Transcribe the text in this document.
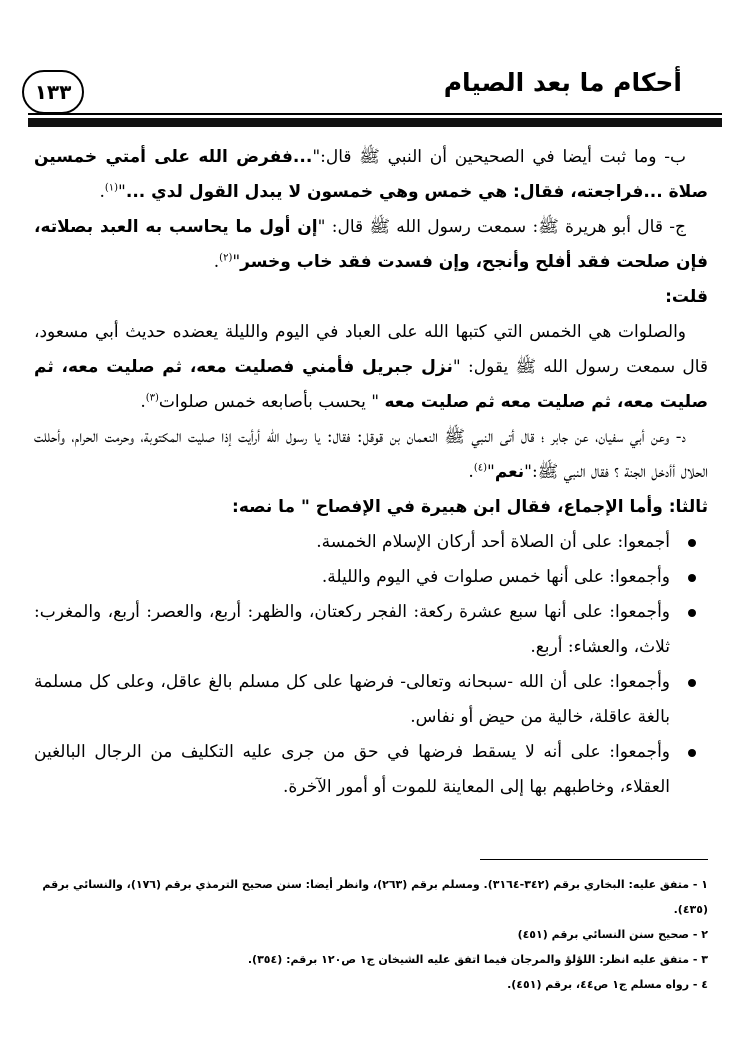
أحكام ما بعد الصيام
١٣٣

ب- وما ثبت أيضا في الصحيحين أن النبي ﷺ قال:"...ففرض الله على أمتي خمسين صلاة ...فراجعته، فقال: هي خمس وهي خمسون لا يبدل القول لدي ..."$^{(١)}$.

ج- قال أبو هريرة ﷺ: سمعت رسول الله ﷺ قال: "إن أول ما يحاسب به العبد بصلاته، فإن صلحت فقد أفلح وأنجح، وإن فسدت فقد خاب وخسر"$^{(٢)}$.

قلت:

والصلوات هي الخمس التي كتبها الله على العباد في اليوم والليلة يعضده حديث أبي مسعود، قال سمعت رسول الله ﷺ يقول: "نزل جبريل فأمني فصليت معه، ثم صليت معه، ثم صليت معه، ثم صليت معه ثم صليت معه " يحسب بأصابعه خمس صلوات$^{(٣)}$.

د- وعن أبي سفيان، عن جابر ؛ قال أتى النبي ﷺ النعمان بن قوقل: فقال: يا رسول الله أرأيت إذا صليت المكتوبة، وحرمت الحرام، وأحللت الحلال أأدخل الجنة ؟ فقال النبي ﷺ:"نعم"$^{(٤)}$.

ثالثا: وأما الإجماع، فقال ابن هبيرة في الإفصاح " ما نصه:

أجمعوا: على أن الصلاة أحد أركان الإسلام الخمسة.
وأجمعوا: على أنها خمس صلوات في اليوم والليلة.
وأجمعوا: على أنها سبع عشرة ركعة: الفجر ركعتان، والظهر: أربع، والعصر: أربع، والمغرب: ثلاث، والعشاء: أربع.
وأجمعوا: على أن الله -سبحانه وتعالى- فرضها على كل مسلم بالغ عاقل، وعلى كل مسلمة بالغة عاقلة، خالية من حيض أو نفاس.
وأجمعوا: على أنه لا يسقط فرضها في حق من جرى عليه التكليف من الرجال البالغين العقلاء، وخاطبهم بها إلى المعاينة للموت أو أمور الآخرة.

١ - متفق عليه: البخاري برقم (٣٤٢-٣١٦٤). ومسلم برقم (٢٦٣)، وانظر أيضا: سنن صحيح الترمذي برقم (١٧٦)، والنسائي برقم (٤٣٥).

٢ - صحيح سنن النسائي برقم (٤٥١)

٣ - متفق عليه انظر: اللؤلؤ والمرجان فيما اتفق عليه الشيخان ج١ ص١٢٠ برقم: (٣٥٤).

٤ - رواه مسلم ج١ ص٤٤، برقم (٤٥١).
